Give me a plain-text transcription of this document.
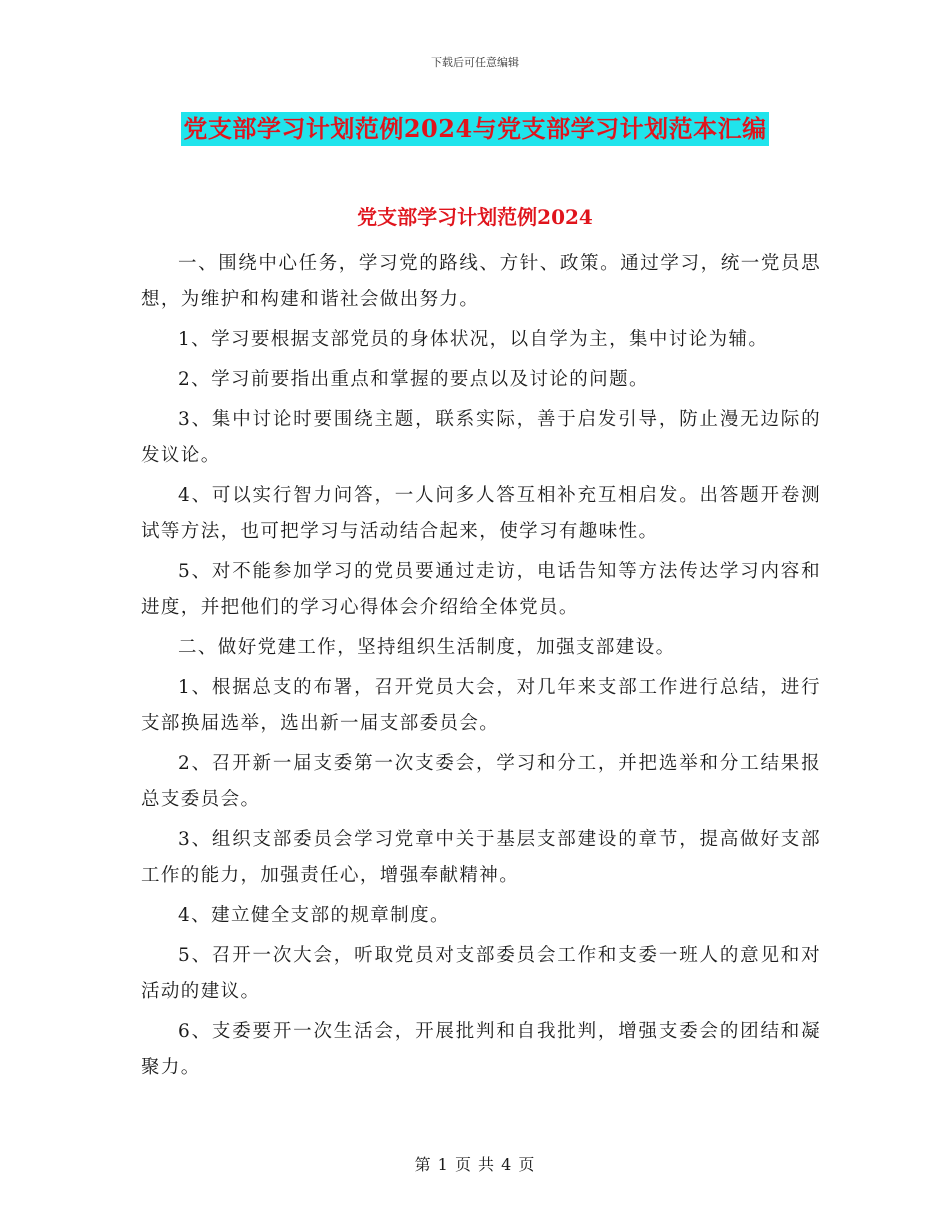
下载后可任意编辑
党支部学习计划范例2024与党支部学习计划范本汇编
党支部学习计划范例2024

一、围绕中心任务，学习党的路线、方针、政策。通过学习，统一党员思想，为维护和构建和谐社会做出努力。

1、学习要根据支部党员的身体状况，以自学为主，集中讨论为辅。

2、学习前要指出重点和掌握的要点以及讨论的问题。

3、集中讨论时要围绕主题，联系实际，善于启发引导，防止漫无边际的发议论。

4、可以实行智力问答，一人问多人答互相补充互相启发。出答题开卷测试等方法，也可把学习与活动结合起来，使学习有趣味性。

5、对不能参加学习的党员要通过走访，电话告知等方法传达学习内容和进度，并把他们的学习心得体会介绍给全体党员。

二、做好党建工作，坚持组织生活制度，加强支部建设。

1、根据总支的布署，召开党员大会，对几年来支部工作进行总结，进行支部换届选举，选出新一届支部委员会。

2、召开新一届支委第一次支委会，学习和分工，并把选举和分工结果报总支委员会。

3、组织支部委员会学习党章中关于基层支部建设的章节，提高做好支部工作的能力，加强责任心，增强奉献精神。

4、建立健全支部的规章制度。

5、召开一次大会，听取党员对支部委员会工作和支委一班人的意见和对活动的建议。

6、支委要开一次生活会，开展批判和自我批判，增强支委会的团结和凝聚力。

第 1 页 共 4 页
